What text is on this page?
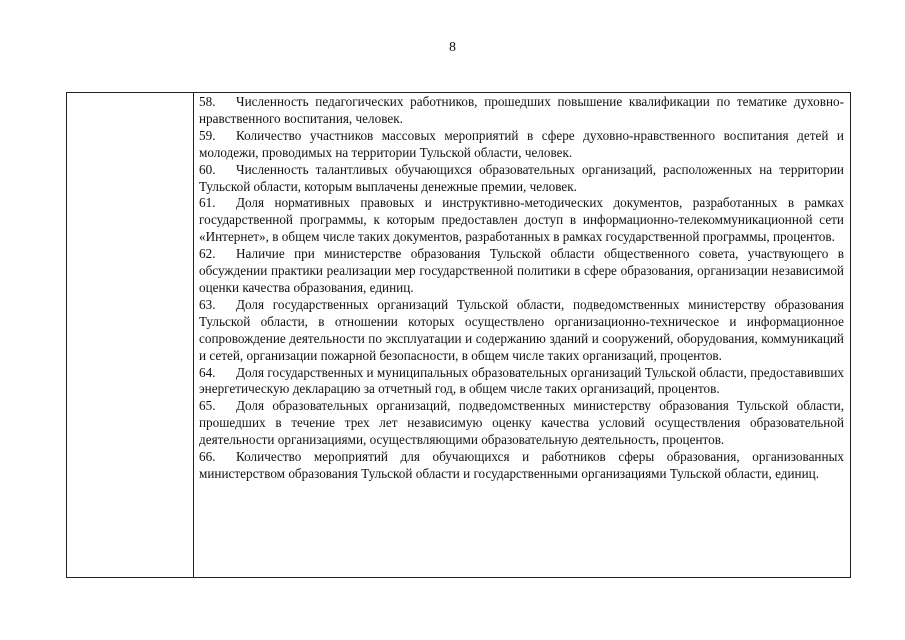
8

58. Численность педагогических работников, прошедших повышение квалификации по тематике духовно-нравственного воспитания, человек.

59. Количество участников массовых мероприятий в сфере духовно-нравственного воспитания детей и молодежи, проводимых на территории Тульской области, человек.

60. Численность талантливых обучающихся образовательных организаций, расположенных на территории Тульской области, которым выплачены денежные премии, человек.

61. Доля нормативных правовых и инструктивно-методических документов, разработанных в рамках государственной программы, к которым предоставлен доступ в информационно-телекоммуникационной сети «Интернет», в общем числе таких документов, разработанных в рамках государственной программы, процентов.

62. Наличие при министерстве образования Тульской области общественного совета, участвующего в обсуждении практики реализации мер государственной политики в сфере образования, организации независимой оценки качества образования, единиц.

63. Доля государственных организаций Тульской области, подведомственных министерству образования Тульской области, в отношении которых осуществлено организационно-техническое и информационное сопровождение деятельности по эксплуатации и содержанию зданий и сооружений, оборудования, коммуникаций и сетей, организации пожарной безопасности, в общем числе таких организаций, процентов.

64. Доля государственных и муниципальных образовательных организаций Тульской области, предоставивших энергетическую декларацию за отчетный год, в общем числе таких организаций, процентов.

65. Доля образовательных организаций, подведомственных министерству образования Тульской области, прошедших в течение трех лет независимую оценку качества условий осуществления образовательной деятельности организациями, осуществляющими образовательную деятельность, процентов.

66. Количество мероприятий для обучающихся и работников сферы образования, организованных министерством образования Тульской области и государственными организациями Тульской области, единиц.
